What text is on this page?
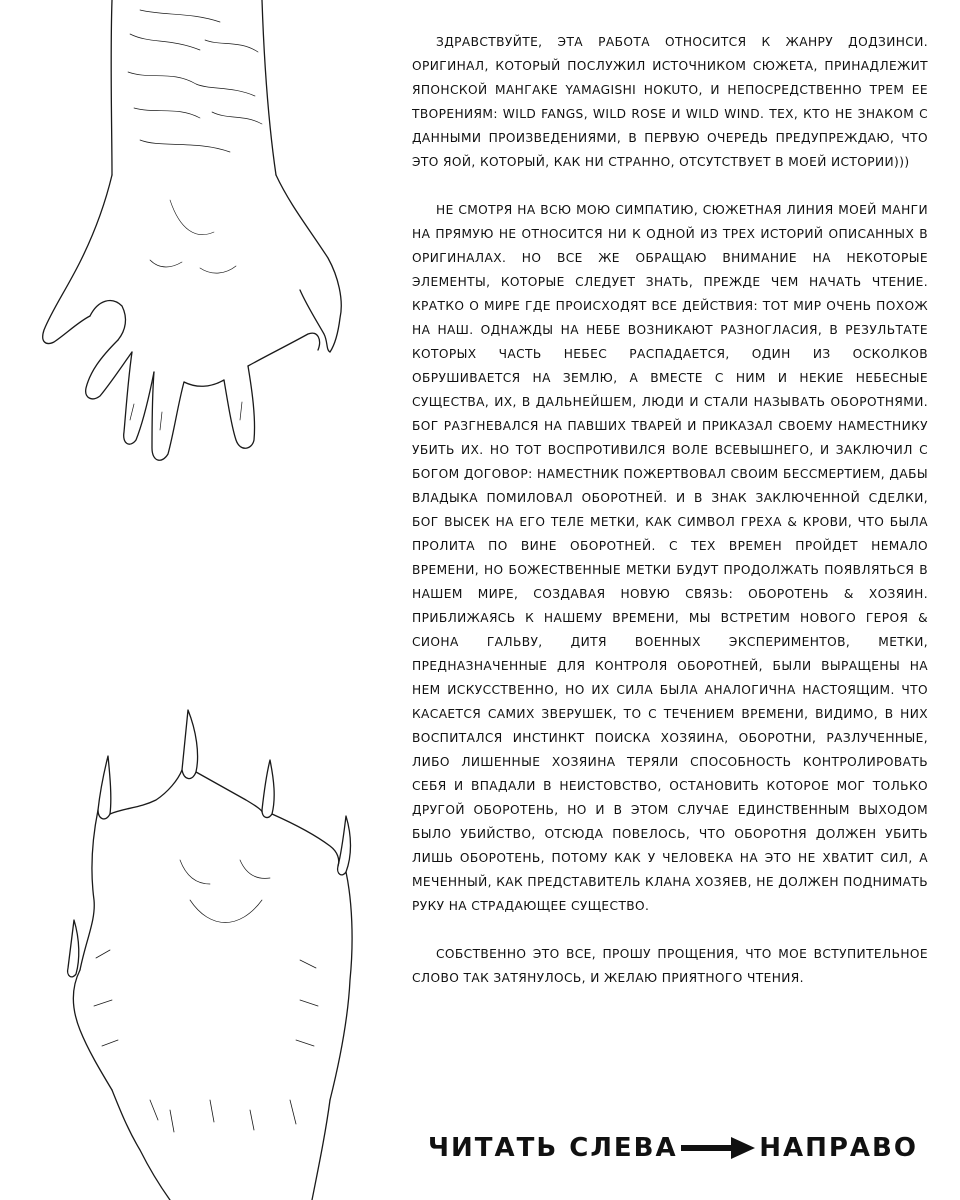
ЗДРАВСТВУЙТЕ, ЭТА РАБОТА ОТНОСИТСЯ К ЖАНРУ ДОДЗИНСИ. ОРИГИНАЛ, КОТОРЫЙ ПОСЛУЖИЛ ИСТОЧНИКОМ СЮЖЕТА, ПРИНАДЛЕЖИТ ЯПОНСКОЙ МАНГАКЕ YAMAGISHI HOKUTO, И НЕПОСРЕДСТВЕННО ТРЕМ ЕЕ ТВОРЕНИЯМ: WILD FANGS, WILD ROSE И WILD WIND. ТЕХ, КТО НЕ ЗНАКОМ С ДАННЫМИ ПРОИЗВЕДЕНИЯМИ, В ПЕРВУЮ ОЧЕРЕДЬ ПРЕДУПРЕЖДАЮ, ЧТО ЭТО ЯОЙ, КОТОРЫЙ, КАК НИ СТРАННО, ОТСУТСТВУЕТ В МОЕЙ ИСТОРИИ)))

НЕ СМОТРЯ НА ВСЮ МОЮ СИМПАТИЮ, СЮЖЕТНАЯ ЛИНИЯ МОЕЙ МАНГИ НА ПРЯМУЮ НЕ ОТНОСИТСЯ НИ К ОДНОЙ ИЗ ТРЕХ ИСТОРИЙ ОПИСАННЫХ В ОРИГИНАЛАХ. НО ВСЕ ЖЕ ОБРАЩАЮ ВНИМАНИЕ НА НЕКОТОРЫЕ ЭЛЕМЕНТЫ, КОТОРЫЕ СЛЕДУЕТ ЗНАТЬ, ПРЕЖДЕ ЧЕМ НАЧАТЬ ЧТЕНИЕ. КРАТКО О МИРЕ ГДЕ ПРОИСХОДЯТ ВСЕ ДЕЙСТВИЯ: ТОТ МИР ОЧЕНЬ ПОХОЖ НА НАШ. ОДНАЖДЫ НА НЕБЕ ВОЗНИКАЮТ РАЗНОГЛАСИЯ, В РЕЗУЛЬТАТЕ КОТОРЫХ ЧАСТЬ НЕБЕС РАСПАДАЕТСЯ, ОДИН ИЗ ОСКОЛКОВ ОБРУШИВАЕТСЯ НА ЗЕМЛЮ, А ВМЕСТЕ С НИМ И НЕКИЕ НЕБЕСНЫЕ СУЩЕСТВА, ИХ, В ДАЛЬНЕЙШЕМ, ЛЮДИ И СТАЛИ НАЗЫВАТЬ ОБОРОТНЯМИ. БОГ РАЗГНЕВАЛСЯ НА ПАВШИХ ТВАРЕЙ И ПРИКАЗАЛ СВОЕМУ НАМЕСТНИКУ УБИТЬ ИХ. НО ТОТ ВОСПРОТИВИЛСЯ ВОЛЕ ВСЕВЫШНЕГО, И ЗАКЛЮЧИЛ С БОГОМ ДОГОВОР: НАМЕСТНИК ПОЖЕРТВОВАЛ СВОИМ БЕССМЕРТИЕМ, ДАБЫ ВЛАДЫКА ПОМИЛОВАЛ ОБОРОТНЕЙ. И В ЗНАК ЗАКЛЮЧЕННОЙ СДЕЛКИ, БОГ ВЫСЕК НА ЕГО ТЕЛЕ МЕТКИ, КАК СИМВОЛ ГРЕХА & КРОВИ, ЧТО БЫЛА ПРОЛИТА ПО ВИНЕ ОБОРОТНЕЙ. С ТЕХ ВРЕМЕН ПРОЙДЕТ НЕМАЛО ВРЕМЕНИ, НО БОЖЕСТВЕННЫЕ МЕТКИ БУДУТ ПРОДОЛЖАТЬ ПОЯВЛЯТЬСЯ В НАШЕМ МИРЕ, СОЗДАВАЯ НОВУЮ СВЯЗЬ: ОБОРОТЕНЬ & ХОЗЯИН. ПРИБЛИЖАЯСЬ К НАШЕМУ ВРЕМЕНИ, МЫ ВСТРЕТИМ НОВОГО ГЕРОЯ & СИОНА ГАЛЬВУ, ДИТЯ ВОЕННЫХ ЭКСПЕРИМЕНТОВ, МЕТКИ, ПРЕДНАЗНАЧЕННЫЕ ДЛЯ КОНТРОЛЯ ОБОРОТНЕЙ, БЫЛИ ВЫРАЩЕНЫ НА НЕМ ИСКУССТВЕННО, НО ИХ СИЛА БЫЛА АНАЛОГИЧНА НАСТОЯЩИМ. ЧТО КАСАЕТСЯ САМИХ ЗВЕРУШЕК, ТО С ТЕЧЕНИЕМ ВРЕМЕНИ, ВИДИМО, В НИХ ВОСПИТАЛСЯ ИНСТИНКТ ПОИСКА ХОЗЯИНА, ОБОРОТНИ, РАЗЛУЧЕННЫЕ, ЛИБО ЛИШЕННЫЕ ХОЗЯИНА ТЕРЯЛИ СПОСОБНОСТЬ КОНТРОЛИРОВАТЬ СЕБЯ И ВПАДАЛИ В НЕИСТОВСТВО, ОСТАНОВИТЬ КОТОРОЕ МОГ ТОЛЬКО ДРУГОЙ ОБОРОТЕНЬ, НО И В ЭТОМ СЛУЧАЕ ЕДИНСТВЕННЫМ ВЫХОДОМ БЫЛО УБИЙСТВО, ОТСЮДА ПОВЕЛОСЬ, ЧТО ОБОРОТНЯ ДОЛЖЕН УБИТЬ ЛИШЬ ОБОРОТЕНЬ, ПОТОМУ КАК У ЧЕЛОВЕКА НА ЭТО НЕ ХВАТИТ СИЛ, А МЕЧЕННЫЙ, КАК ПРЕДСТАВИТЕЛЬ КЛАНА ХОЗЯЕВ, НЕ ДОЛЖЕН ПОДНИМАТЬ РУКУ НА СТРАДАЮЩЕЕ СУЩЕСТВО.

СОБСТВЕННО ЭТО ВСЕ, ПРОШУ ПРОЩЕНИЯ, ЧТО МОЕ ВСТУПИТЕЛЬНОЕ СЛОВО ТАК ЗАТЯНУЛОСЬ, И ЖЕЛАЮ ПРИЯТНОГО ЧТЕНИЯ.

ЧИТАТЬ СЛЕВА	НАПРАВО
